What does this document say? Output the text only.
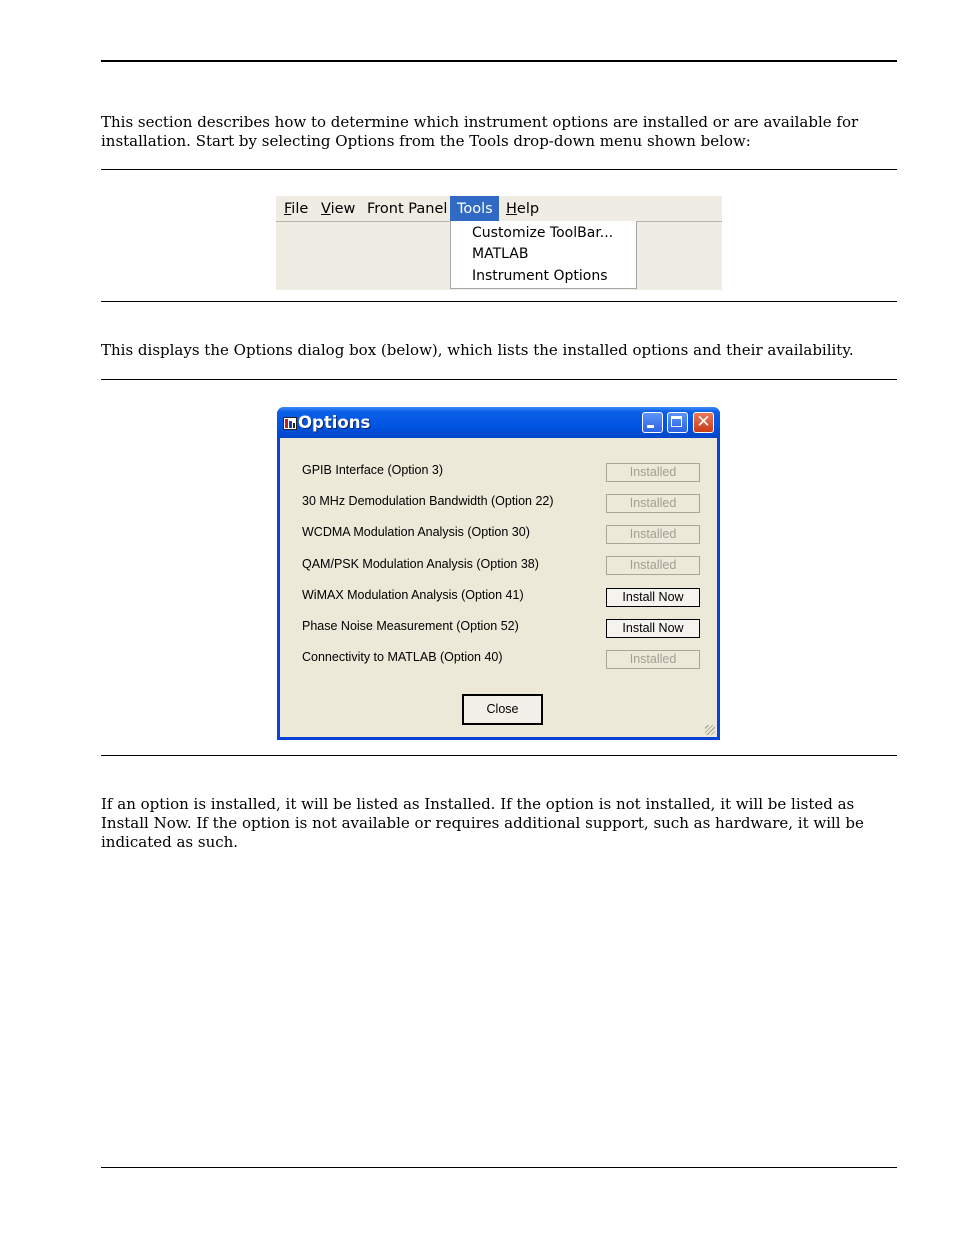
This section describes how to determine which instrument options are installed or are available for installation. Start by selecting Options from the Tools drop-down menu shown below:

File View Front Panel Tools Help
Customize ToolBar...
MATLAB
Instrument Options

This displays the Options dialog box (below), which lists the installed options and their availability.

Options	✕
GPIB Interface (Option 3)	Installed
30 MHz Demodulation Bandwidth (Option 22)	Installed
WCDMA Modulation Analysis (Option 30)	Installed
QAM/PSK Modulation Analysis (Option 38)	Installed
WiMAX Modulation Analysis (Option 41)	Install Now
Phase Noise Measurement (Option 52)	Install Now
Connectivity to MATLAB (Option 40)	Installed
Close

If an option is installed, it will be listed as Installed. If the option is not installed, it will be listed as Install Now. If the option is not available or requires additional support, such as hardware, it will be indicated as such.
